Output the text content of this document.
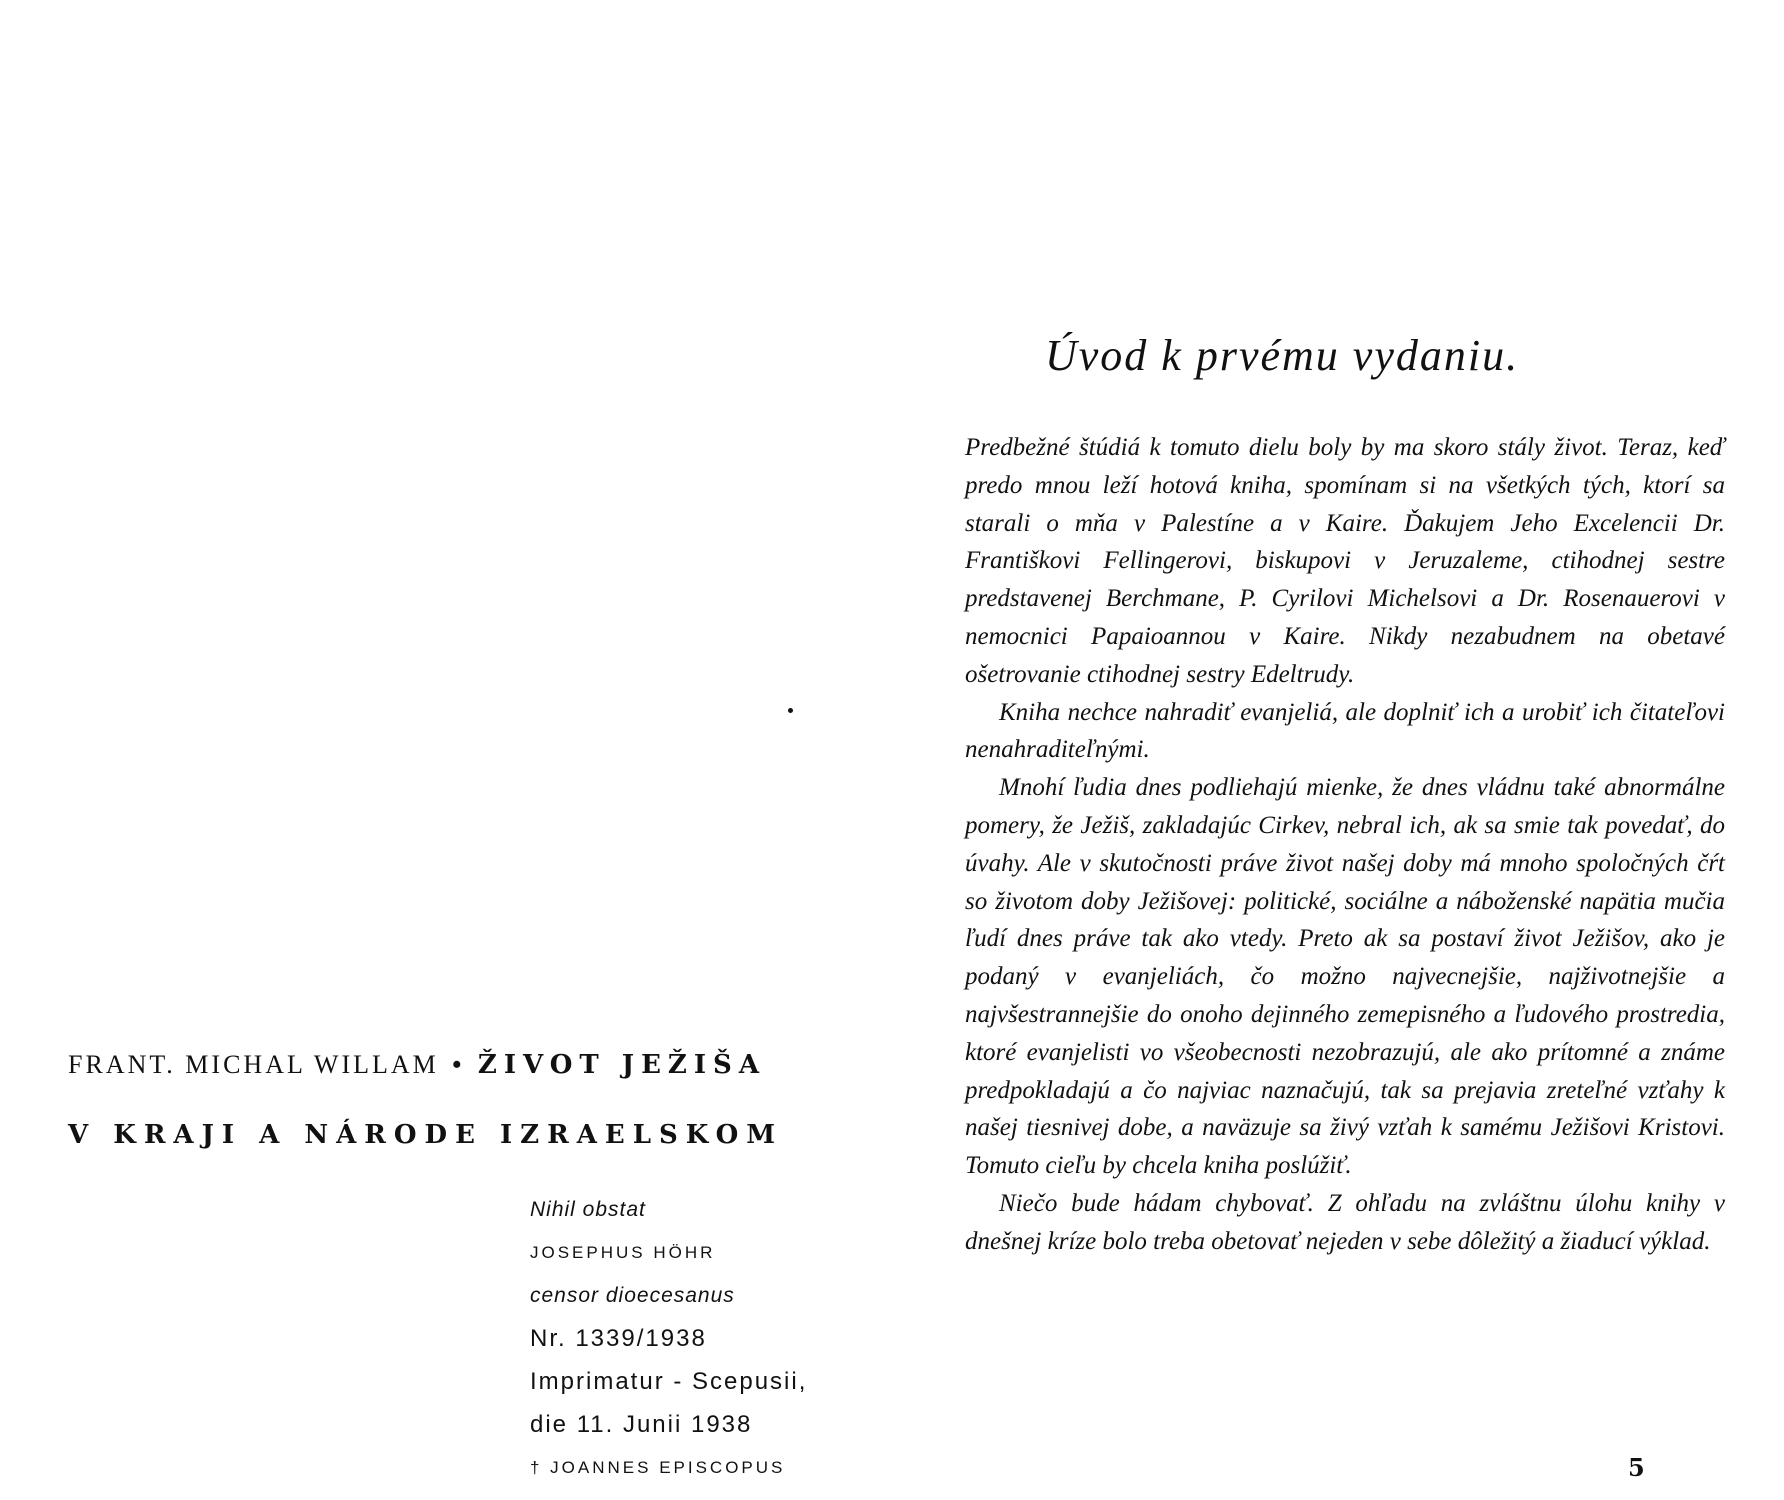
FRANT. MICHAL WILLAM • ŽIVOT JEŽIŠA
V KRAJI A NÁRODE IZRAELSKOM
Nihil obstat
JOSEPHUS HÖHR
censor dioecesanus
Nr. 1339/1938
Imprimatur - Scepusii,
die 11. Junii 1938
† JOANNES EPISCOPUS
Úvod k prvému vydaniu.

Predbežné štúdiá k tomuto dielu boly by ma skoro stály život. Teraz, keď predo mnou leží hotová kniha, spomínam si na všetkých tých, ktorí sa starali o mňa v Palestíne a v Kaire. Ďakujem Jeho Excelencii Dr. Františkovi Fellingerovi, biskupovi v Jeruzaleme, ctihodnej sestre predstavenej Berchmane, P. Cyrilovi Michelsovi a Dr. Rosenauerovi v nemocnici Papaioannou v Kaire. Nikdy nezabudnem na obetavé ošetrovanie ctihodnej sestry Edeltrudy.

Kniha nechce nahradiť evanjeliá, ale doplniť ich a urobiť ich čitateľovi nenahraditeľnými.

Mnohí ľudia dnes podliehajú mienke, že dnes vládnu také abnormálne pomery, že Ježiš, zakladajúc Cirkev, nebral ich, ak sa smie tak povedať, do úvahy. Ale v skutočnosti práve život našej doby má mnoho spoločných čŕt so životom doby Ježišovej: politické, sociálne a náboženské napätia mučia ľudí dnes práve tak ako vtedy. Preto ak sa postaví život Ježišov, ako je podaný v evanjeliách, čo možno najvecnejšie, najživotnejšie a najvšestrannejšie do onoho dejinného zemepisného a ľudového prostredia, ktoré evanjelisti vo všeobecnosti nezobrazujú, ale ako prítomné a známe predpokladajú a čo najviac naznačujú, tak sa prejavia zreteľné vzťahy k našej tiesnivej dobe, a naväzuje sa živý vzťah k samému Ježišovi Kristovi. Tomuto cieľu by chcela kniha poslúžiť.

Niečo bude hádam chybovať. Z ohľadu na zvláštnu úlohu knihy v dnešnej kríze bolo treba obetovať nejeden v sebe dôležitý a žiaducí výklad.

5
